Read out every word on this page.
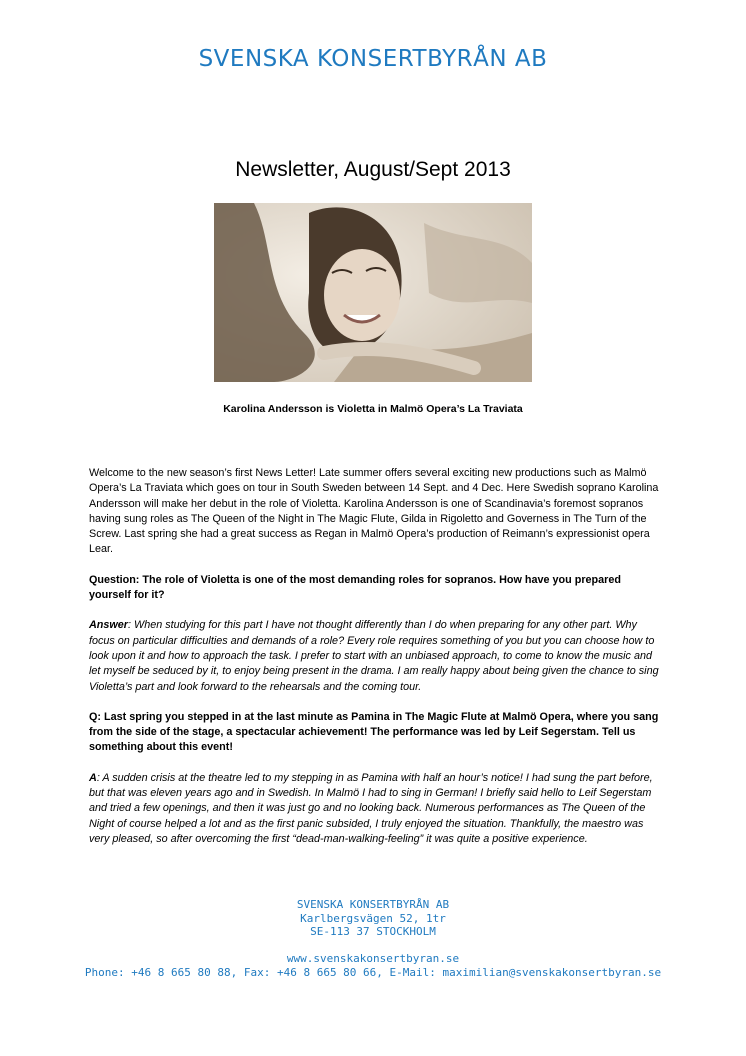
SVENSKA KONSERTBYRÅN AB
Newsletter, August/Sept 2013

Karolina Andersson is Violetta in Malmö Opera’s La Traviata

Welcome to the new season’s first News Letter! Late summer offers several exciting new productions such as Malmö Opera’s La Traviata which goes on tour in South Sweden between 14 Sept. and 4 Dec. Here Swedish soprano Karolina Andersson will make her debut in the role of Violetta. Karolina Andersson is one of Scandinavia’s foremost sopranos having sung roles as The Queen of the Night in The Magic Flute, Gilda in Rigoletto and Governess in The Turn of the Screw. Last spring she had a great success as Regan in Malmö Opera’s production of Reimann’s expressionist opera Lear.

Question: The role of Violetta is one of the most demanding roles for sopranos. How have you prepared yourself for it?

Answer: When studying for this part I have not thought differently than I do when preparing for any other part. Why focus on particular difficulties and demands of a role? Every role requires something of you but you can choose how to look upon it and how to approach the task. I prefer to start with an unbiased approach, to come to know the music and let myself be seduced by it, to enjoy being present in the drama. I am really happy about being given the chance to sing Violetta’s part and look forward to the rehearsals and the coming tour.

Q: Last spring you stepped in at the last minute as Pamina in The Magic Flute at Malmö Opera, where you sang from the side of the stage, a spectacular achievement! The performance was led by Leif Segerstam. Tell us something about this event!

A: A sudden crisis at the theatre led to my stepping in as Pamina with half an hour’s notice! I had sung the part before, but that was eleven years ago and in Swedish. In Malmö I had to sing in German! I briefly said hello to Leif Segerstam and tried a few openings, and then it was just go and no looking back. Numerous performances as The Queen of the Night of course helped a lot and as the first panic subsided, I truly enjoyed the situation. Thankfully, the maestro was very pleased, so after overcoming the first “dead-man-walking-feeling” it was quite a positive experience.

SVENSKA KONSERTBYRÅN AB
Karlbergsvägen 52, 1tr
SE-113 37 STOCKHOLM
www.svenskakonsertbyran.se
Phone: +46 8 665 80 88, Fax: +46 8 665 80 66, E-Mail: maximilian@svenskakonsertbyran.se
